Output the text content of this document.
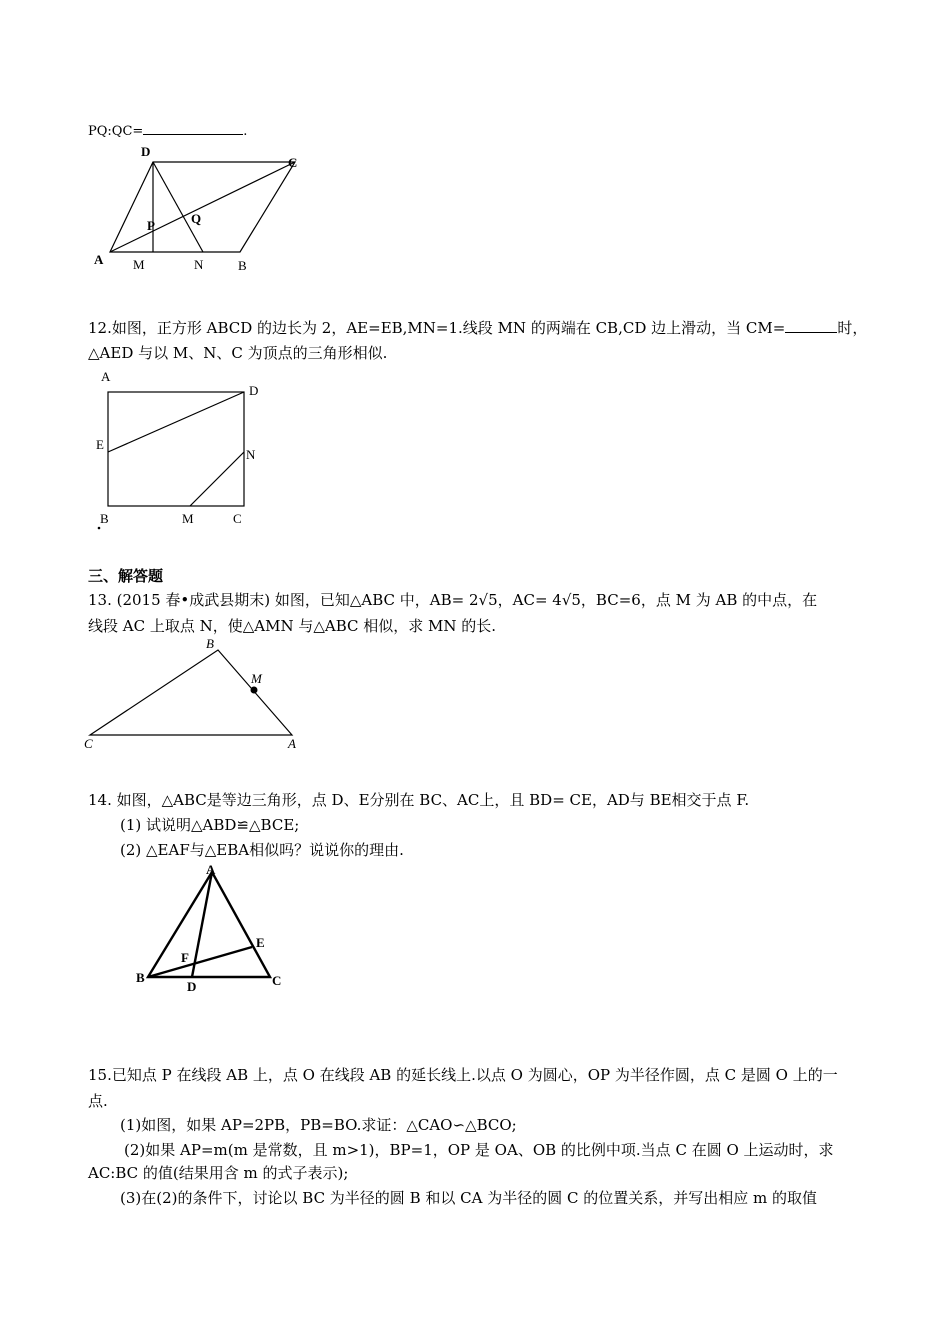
PQ:QC=	.
D
C
P	Q
A M	N	B
A
D
E
N
B	M	C
B
M
C	A
A
E
F
B
D	C
12.如图，正方形 ABCD 的边长为 2，AE=EB,MN=1.线段 MN 的两端在 CB,CD 边上滑动，当 CM=	时，
△AED 与以 M、N、C 为顶点的三角形相似.
三、解答题
13. (2015 春•成武县期末) 如图，已知△ABC 中，AB= 2√5，AC= 4√5，BC=6，点 M 为 AB 的中点，在
线段 AC 上取点 N，使△AMN 与△ABC 相似，求 MN 的长.
14. 如图，△ABC是等边三角形，点 D、E分别在 BC、AC上，且 BD= CE，AD与 BE相交于点 F.
(1) 试说明△ABD≌△BCE;
(2) △EAF与△EBA相似吗？说说你的理由.
15.已知点 P 在线段 AB 上，点 O 在线段 AB 的延长线上.以点 O 为圆心，OP 为半径作圆，点 C 是圆 O 上的一
点.
(1)如图，如果 AP=2PB，PB=BO.求证：△CAO∽△BCO;
(2)如果 AP=m(m 是常数，且 m>1)，BP=1，OP 是 OA、OB 的比例中项.当点 C 在圆 O 上运动时，求
AC:BC 的值(结果用含 m 的式子表示);
(3)在(2)的条件下，讨论以 BC 为半径的圆 B 和以 CA 为半径的圆 C 的位置关系，并写出相应 m 的取值
